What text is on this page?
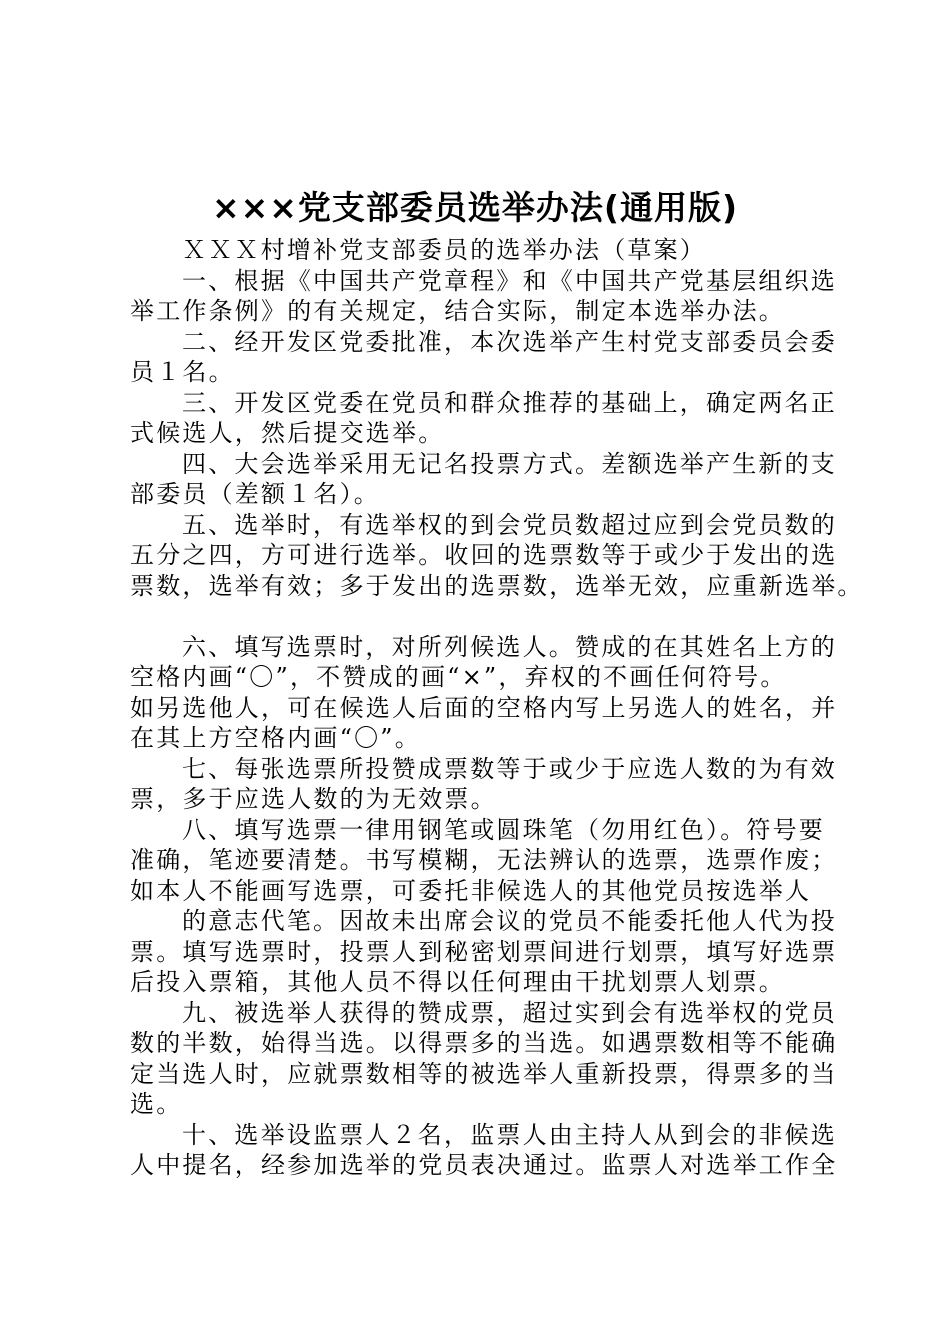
×××党支部委员选举办法(通用版)
ＸＸＸ村增补党支部委员的选举办法（草案）
一、根据《中国共产党章程》和《中国共产党基层组织选
举工作条例》的有关规定，结合实际，制定本选举办法。
二、经开发区党委批准，本次选举产生村党支部委员会委
员１名。
三、开发区党委在党员和群众推荐的基础上，确定两名正
式候选人，然后提交选举。
四、大会选举采用无记名投票方式。差额选举产生新的支
部委员（差额１名）。
五、选举时，有选举权的到会党员数超过应到会党员数的
五分之四，方可进行选举。收回的选票数等于或少于发出的选
票数，选举有效；多于发出的选票数，选举无效，应重新选举。
六、填写选票时，对所列候选人。赞成的在其姓名上方的
空格内画“〇”，不赞成的画“×”，弃权的不画任何符号。
如另选他人，可在候选人后面的空格内写上另选人的姓名，并
在其上方空格内画“〇”。
七、每张选票所投赞成票数等于或少于应选人数的为有效
票，多于应选人数的为无效票。
八、填写选票一律用钢笔或圆珠笔（勿用红色）。符号要
准确，笔迹要清楚。书写模糊，无法辨认的选票，选票作废；
如本人不能画写选票，可委托非候选人的其他党员按选举人
的意志代笔。因故未出席会议的党员不能委托他人代为投
票。填写选票时，投票人到秘密划票间进行划票，填写好选票
后投入票箱，其他人员不得以任何理由干扰划票人划票。
九、被选举人获得的赞成票，超过实到会有选举权的党员
数的半数，始得当选。以得票多的当选。如遇票数相等不能确
定当选人时，应就票数相等的被选举人重新投票，得票多的当
选。
十、选举设监票人２名，监票人由主持人从到会的非候选
人中提名，经参加选举的党员表决通过。监票人对选举工作全
